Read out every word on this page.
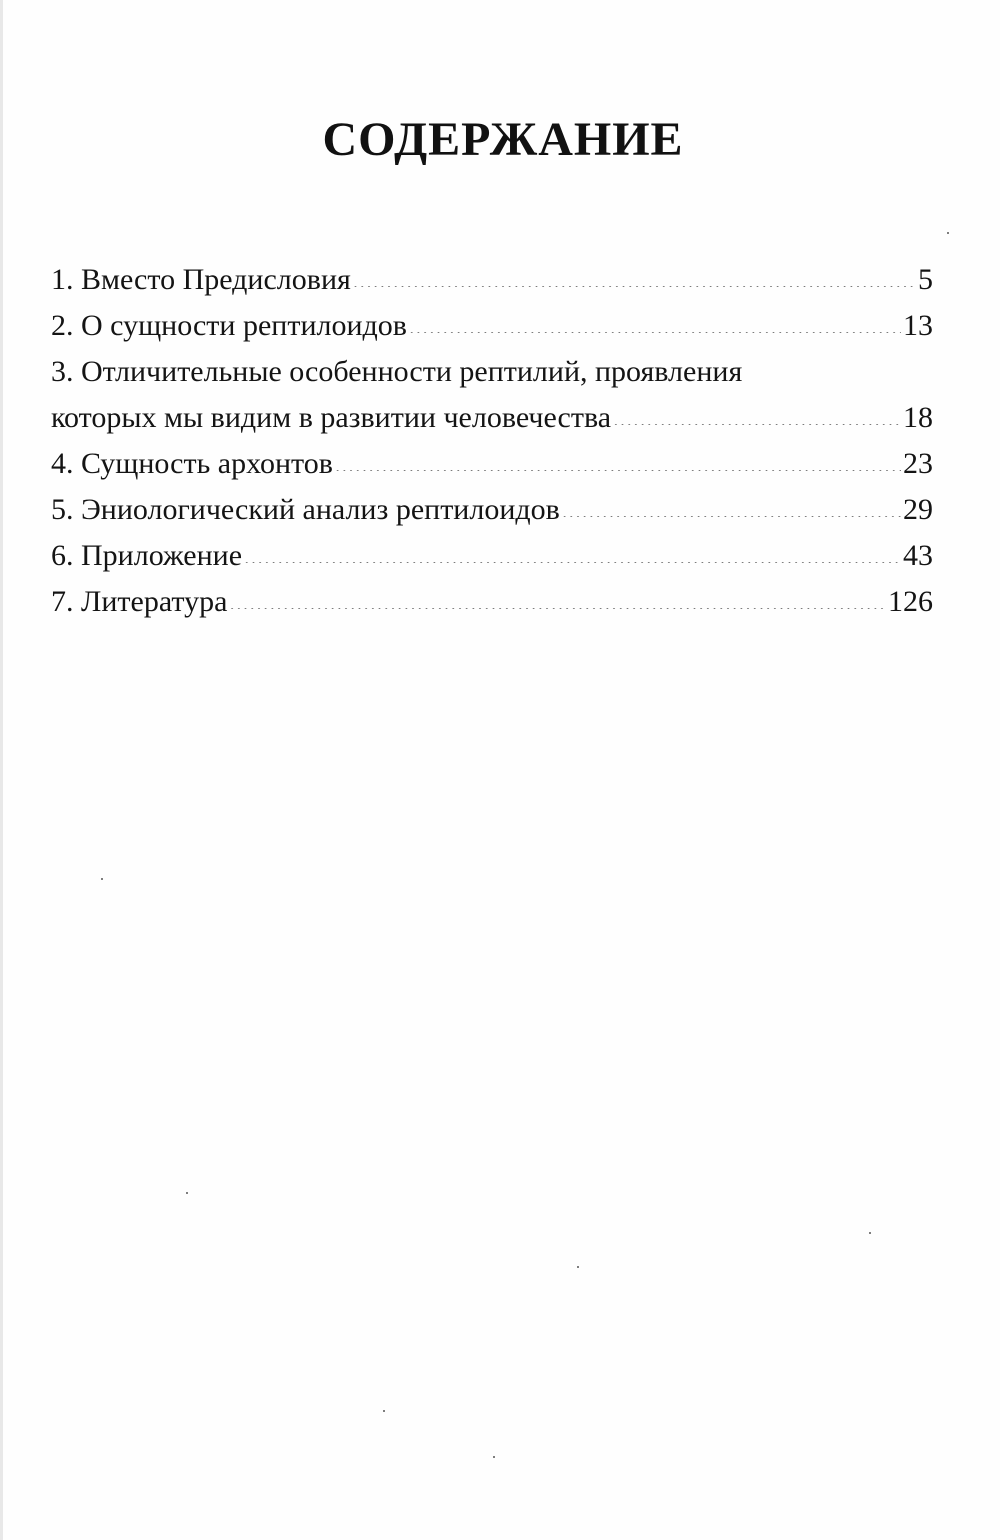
СОДЕРЖАНИЕ
1. Вместо Предисловия .....	5
2. О сущности рептилоидов .....	13
3. Отличительные особенности рептилий, проявления
которых мы видим в развитии человечества .....	18
4. Сущность архонтов .....	23
5. Эниологический анализ рептилоидов .....	29
6. Приложение .....	43
7. Литература .....	126
